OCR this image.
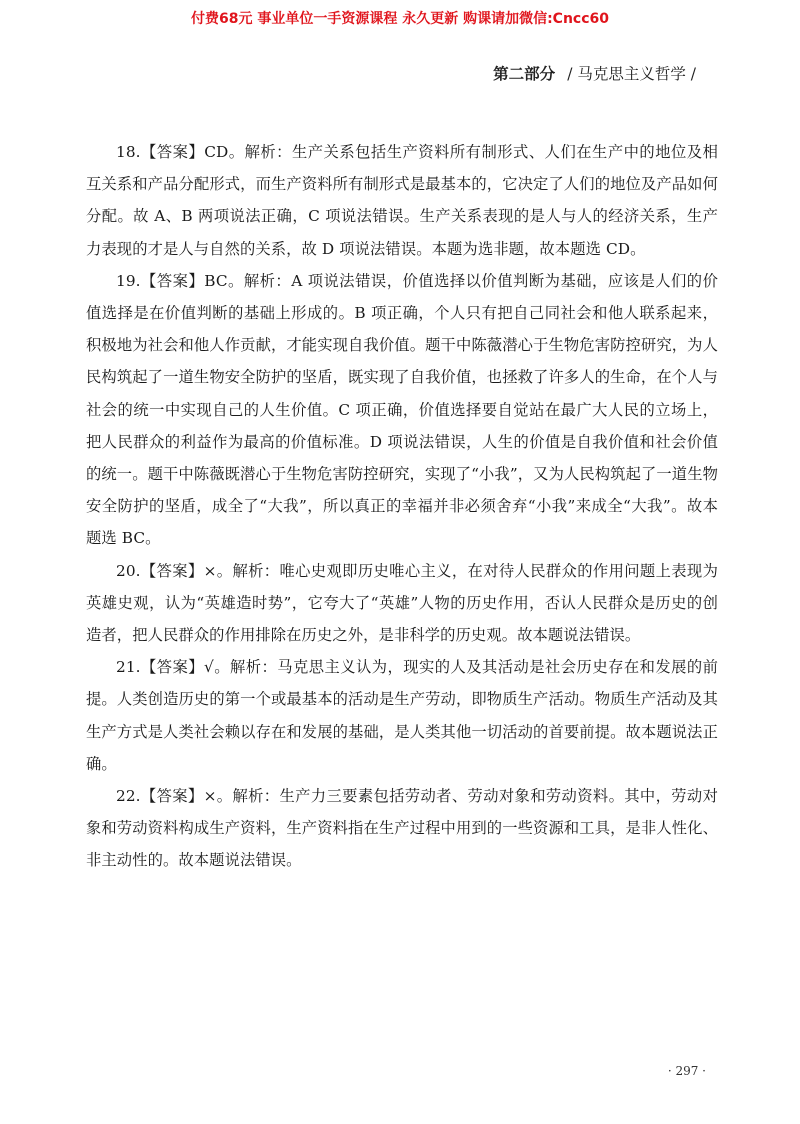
付费68元 事业单位一手资源课程 永久更新 购课请加微信:Cncc60
第二部分 / 马克思主义哲学 /

18.【答案】CD。解析：生产关系包括生产资料所有制形式、人们在生产中的地位及相互关系和产品分配形式，而生产资料所有制形式是最基本的，它决定了人们的地位及产品如何分配。故 A、B 两项说法正确，C 项说法错误。生产关系表现的是人与人的经济关系，生产力表现的才是人与自然的关系，故 D 项说法错误。本题为选非题，故本题选 CD。

19.【答案】BC。解析：A 项说法错误，价值选择以价值判断为基础，应该是人们的价值选择是在价值判断的基础上形成的。B 项正确，个人只有把自己同社会和他人联系起来，积极地为社会和他人作贡献，才能实现自我价值。题干中陈薇潜心于生物危害防控研究，为人民构筑起了一道生物安全防护的坚盾，既实现了自我价值，也拯救了许多人的生命，在个人与社会的统一中实现自己的人生价值。C 项正确，价值选择要自觉站在最广大人民的立场上，把人民群众的利益作为最高的价值标准。D 项说法错误，人生的价值是自我价值和社会价值的统一。题干中陈薇既潜心于生物危害防控研究，实现了“小我”，又为人民构筑起了一道生物安全防护的坚盾，成全了“大我”，所以真正的幸福并非必须舍弃“小我”来成全“大我”。故本题选 BC。

20.【答案】×。解析：唯心史观即历史唯心主义，在对待人民群众的作用问题上表现为英雄史观，认为“英雄造时势”，它夸大了“英雄”人物的历史作用，否认人民群众是历史的创造者，把人民群众的作用排除在历史之外，是非科学的历史观。故本题说法错误。

21.【答案】√。解析：马克思主义认为，现实的人及其活动是社会历史存在和发展的前提。人类创造历史的第一个或最基本的活动是生产劳动，即物质生产活动。物质生产活动及其生产方式是人类社会赖以存在和发展的基础，是人类其他一切活动的首要前提。故本题说法正确。

22.【答案】×。解析：生产力三要素包括劳动者、劳动对象和劳动资料。其中，劳动对象和劳动资料构成生产资料，生产资料指在生产过程中用到的一些资源和工具，是非人性化、非主动性的。故本题说法错误。

· 297 ·
